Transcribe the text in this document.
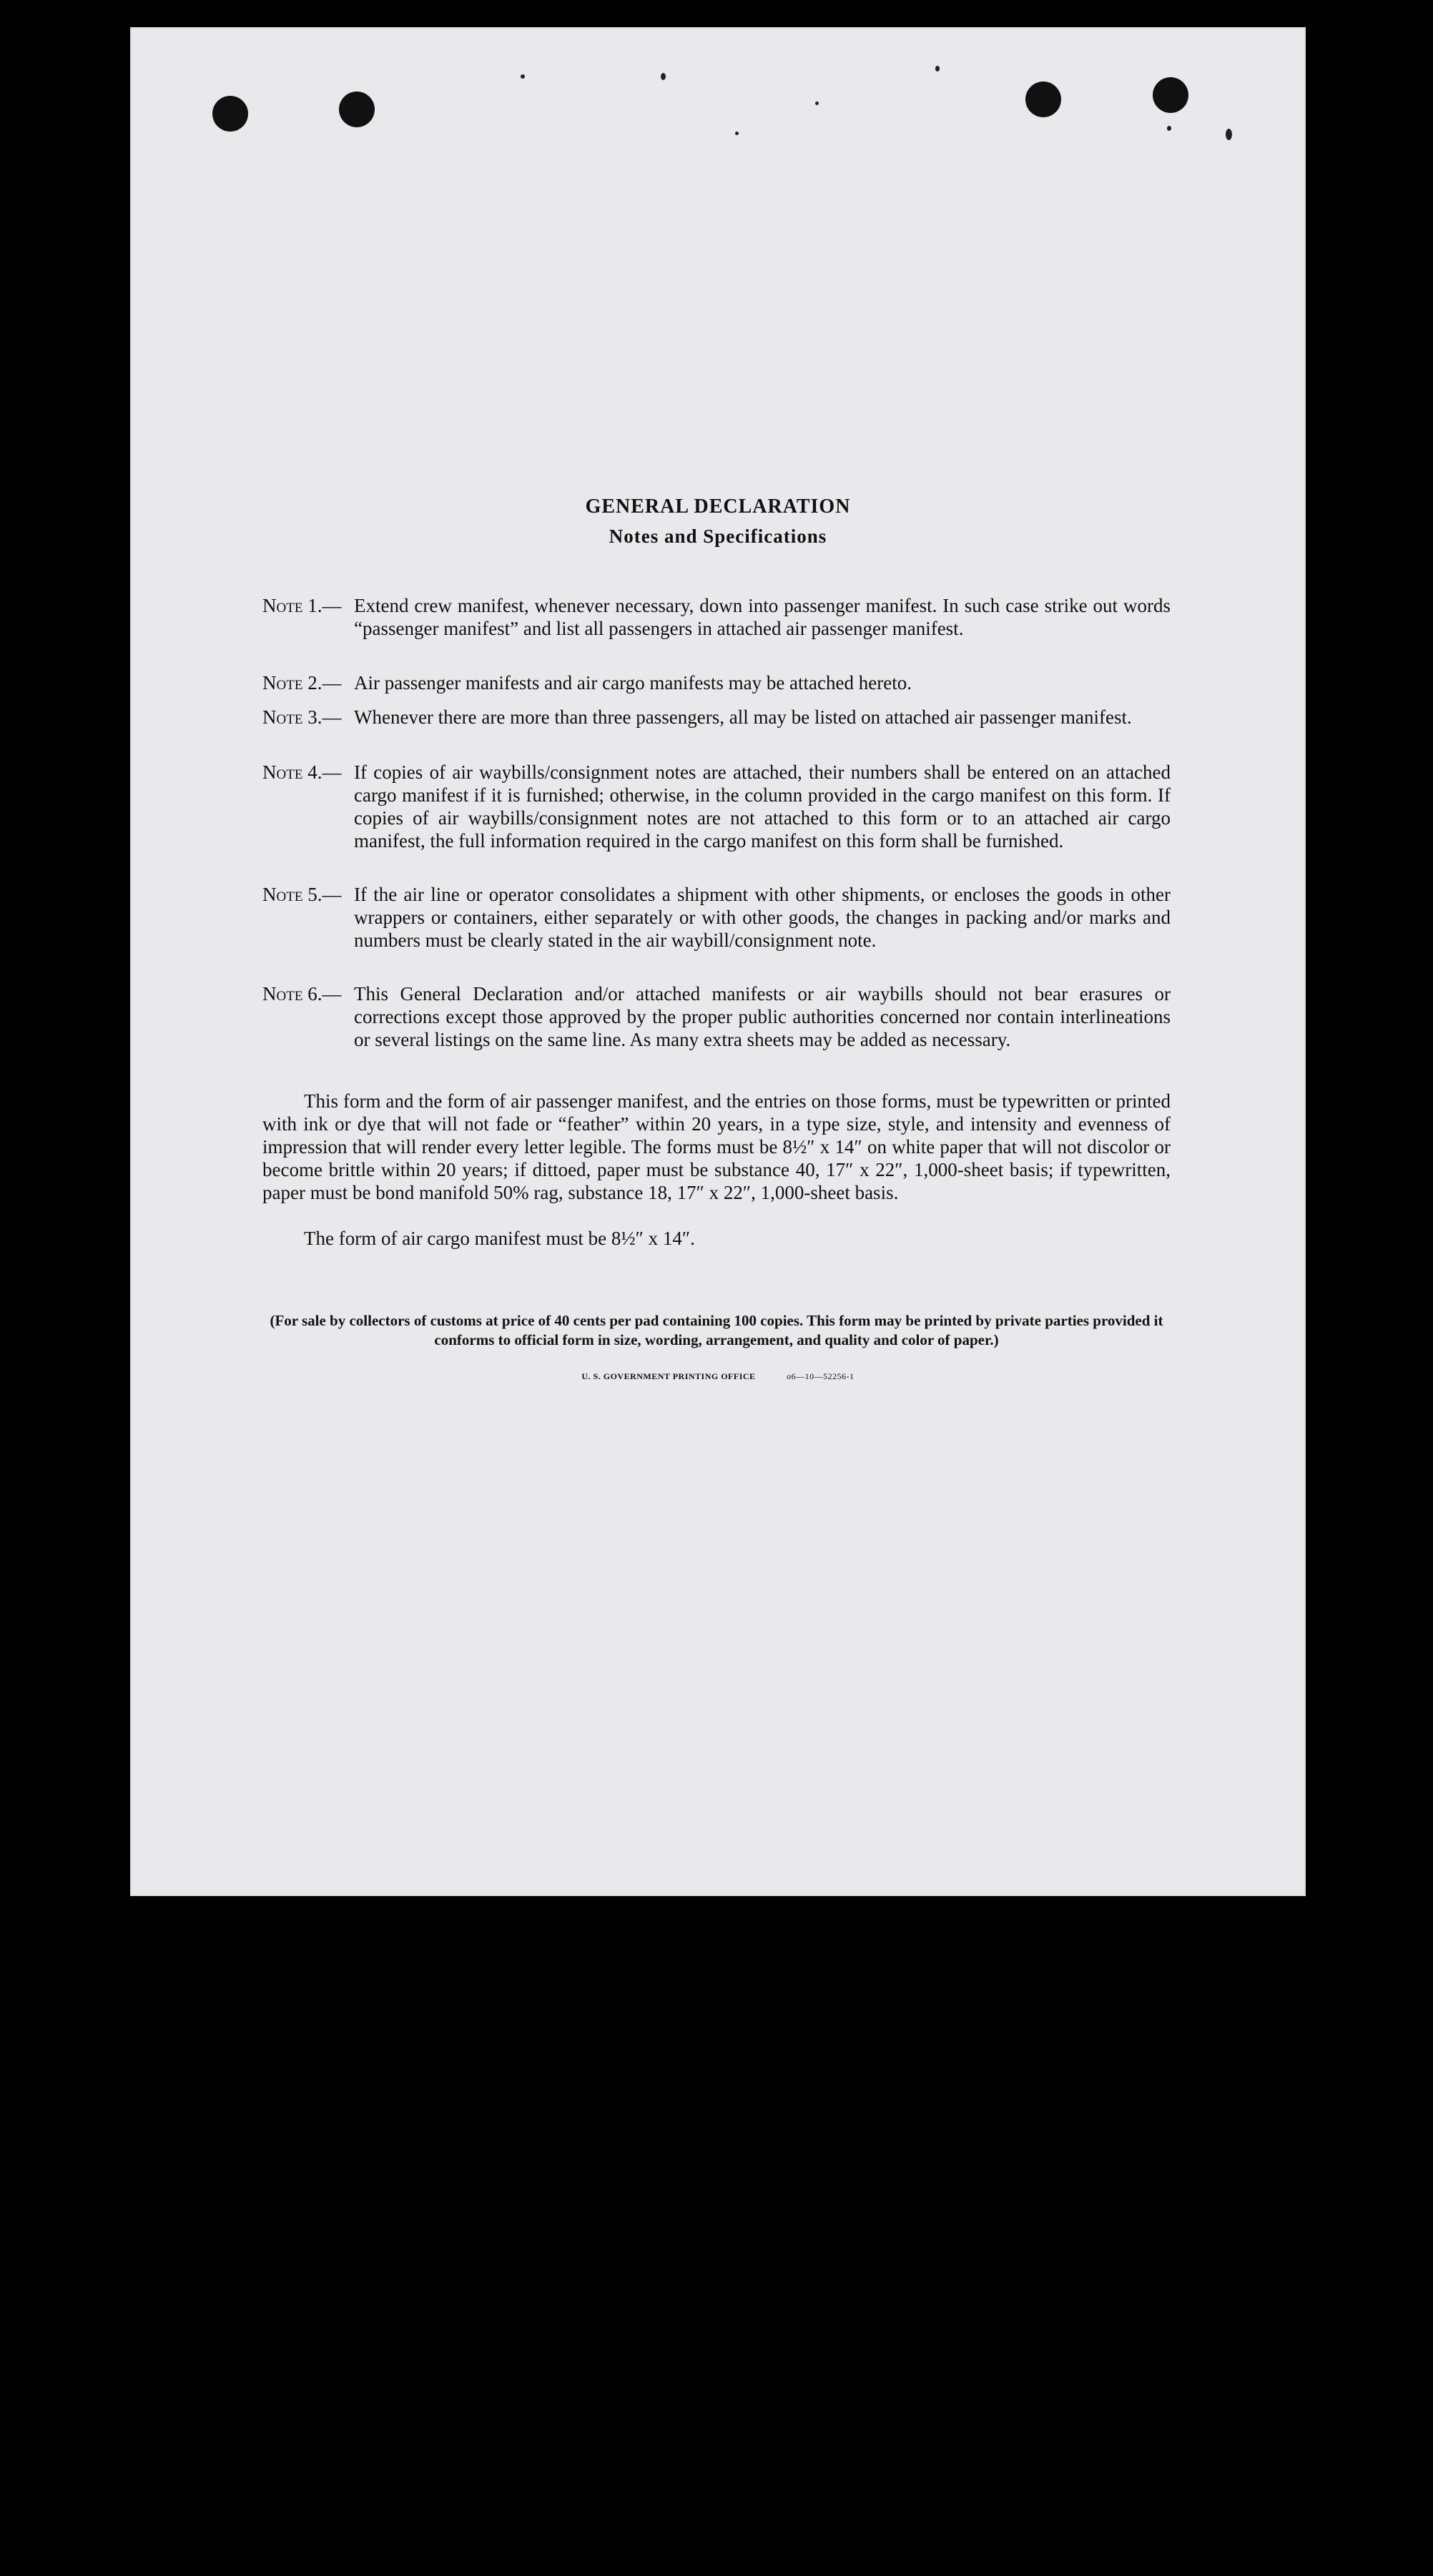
GENERAL DECLARATION
Notes and Specifications
Note 1.— Extend crew manifest, whenever necessary, down into passenger manifest. In such case strike out words “passenger manifest” and list all passengers in attached air passenger manifest.
Note 2.— Air passenger manifests and air cargo manifests may be attached hereto.
Note 3.— Whenever there are more than three passengers, all may be listed on attached air passenger manifest.
Note 4.— If copies of air waybills/consignment notes are attached, their numbers shall be entered on an attached cargo manifest if it is furnished; otherwise, in the column provided in the cargo manifest on this form. If copies of air waybills/consignment notes are not attached to this form or to an attached air cargo manifest, the full information required in the cargo manifest on this form shall be furnished.
Note 5.— If the air line or operator consolidates a shipment with other shipments, or encloses the goods in other wrappers or containers, either separately or with other goods, the changes in packing and/or marks and numbers must be clearly stated in the air waybill/consignment note.
Note 6.— This General Declaration and/or attached manifests or air waybills should not bear erasures or corrections except those approved by the proper public authorities concerned nor contain interlineations or several listings on the same line. As many extra sheets may be added as necessary.
This form and the form of air passenger manifest, and the entries on those forms, must be typewritten or printed with ink or dye that will not fade or “feather” within 20 years, in a type size, style, and intensity and evenness of impression that will render every letter legible. The forms must be 8½″ x 14″ on white paper that will not discolor or become brittle within 20 years; if dittoed, paper must be substance 40, 17″ x 22″, 1,000-sheet basis; if typewritten, paper must be bond manifold 50% rag, substance 18, 17″ x 22″, 1,000-sheet basis.
The form of air cargo manifest must be 8½″ x 14″.
(For sale by collectors of customs at price of 40 cents per pad containing 100 copies. This form may be printed by private parties provided it conforms to official form in size, wording, arrangement, and quality and color of paper.)
U. S. GOVERNMENT PRINTING OFFICE	o6—10—52256-1
